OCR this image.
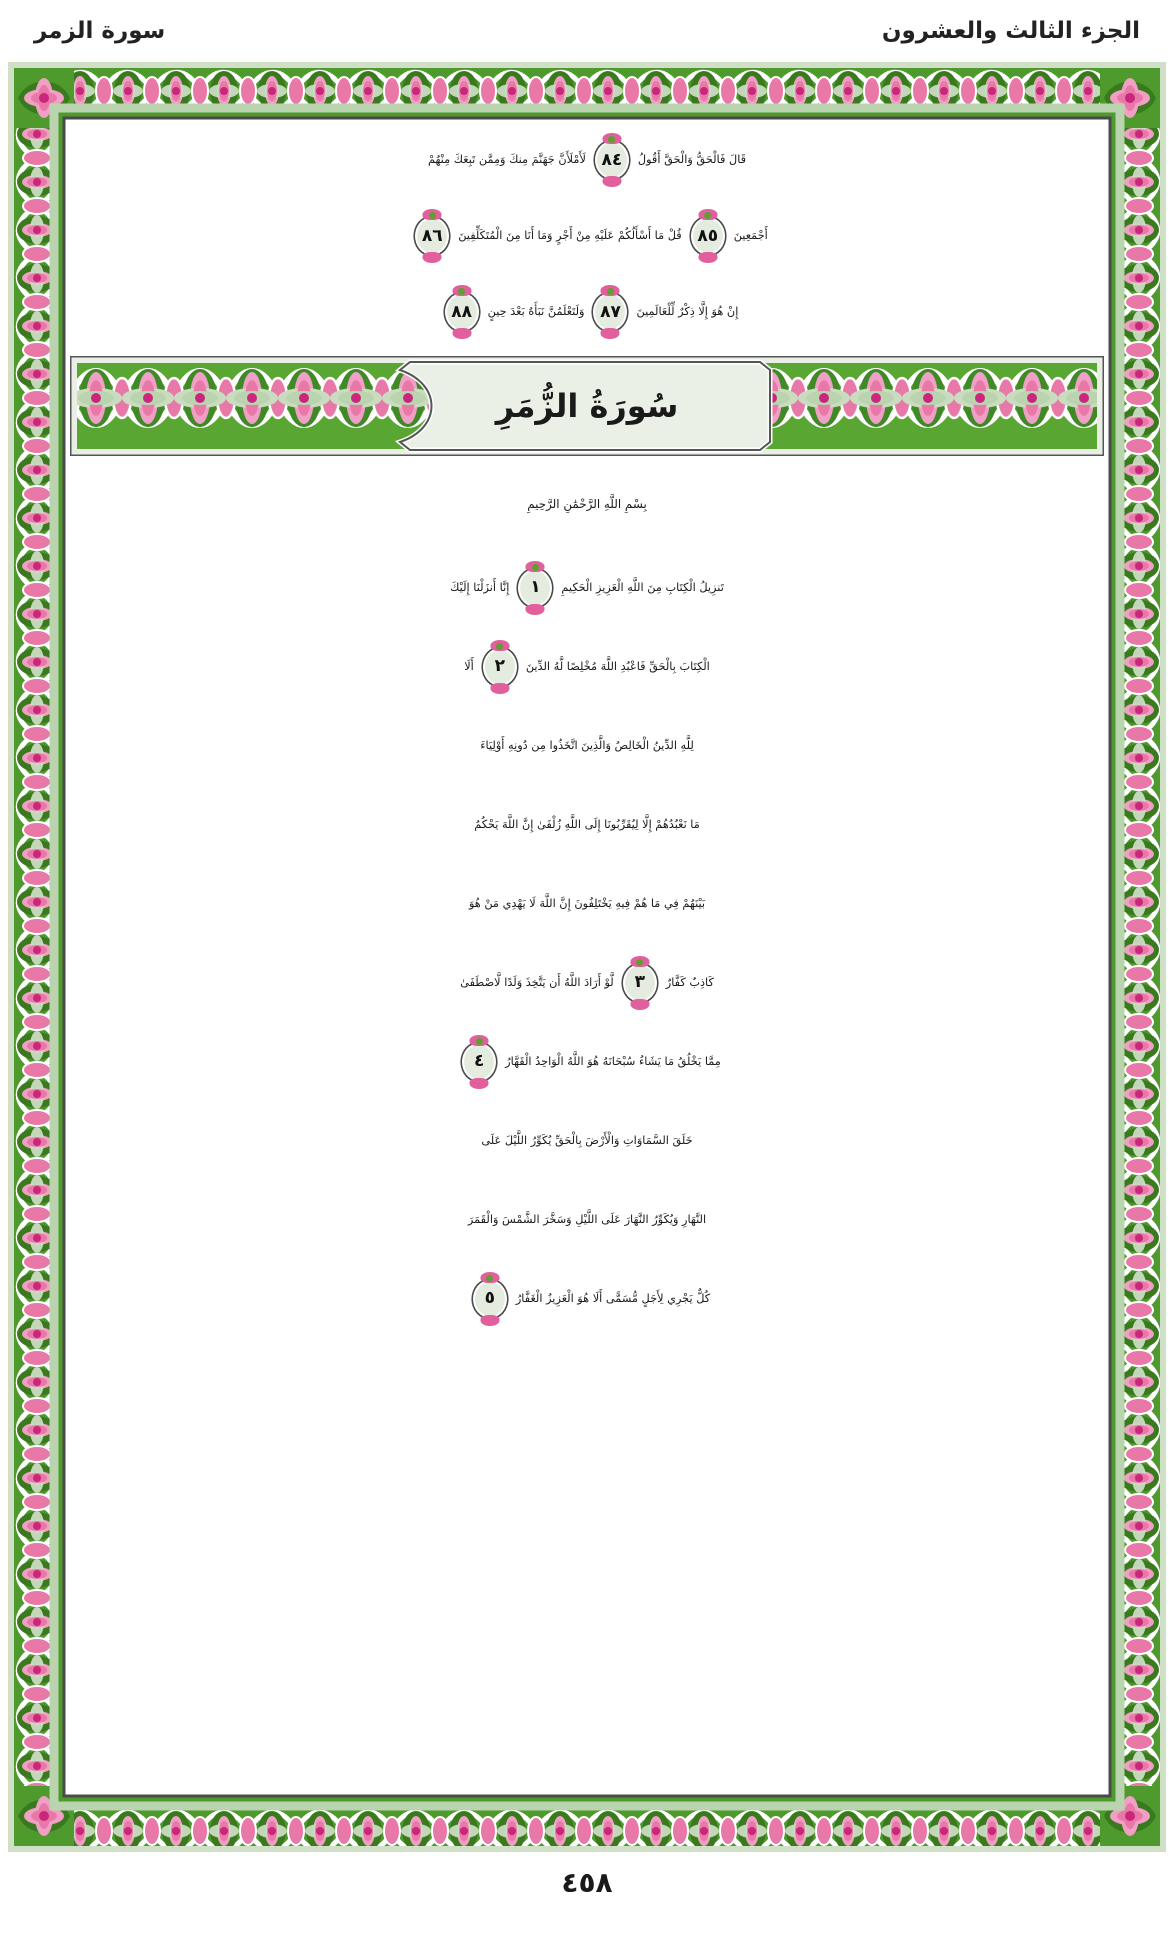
الجزء الثالث والعشرون
سورة الزمر
قَالَ فَالْحَقُّ وَالْحَقَّ أَقُولُ
٨٤
لَأَمْلَأَنَّ جَهَنَّمَ مِنكَ وَمِمَّن تَبِعَكَ مِنْهُمْ
أَجْمَعِينَ
٨٥
قُلْ مَا أَسْأَلُكُمْ عَلَيْهِ مِنْ أَجْرٍ وَمَا أَنَا مِنَ الْمُتَكَلِّفِينَ
٨٦
إِنْ هُوَ إِلَّا ذِكْرٌ لِّلْعَالَمِينَ
٨٧
وَلَتَعْلَمُنَّ نَبَأَهُ بَعْدَ حِينٍ
٨٨
سُورَةُ الزُّمَرِ
بِسْمِ اللَّهِ الرَّحْمَٰنِ الرَّحِيمِ
تَنزِيلُ الْكِتَابِ مِنَ اللَّهِ الْعَزِيزِ الْحَكِيمِ
١
إِنَّا أَنزَلْنَا إِلَيْكَ
الْكِتَابَ بِالْحَقِّ فَاعْبُدِ اللَّهَ مُخْلِصًا لَّهُ الدِّينَ
٢
أَلَا
لِلَّهِ الدِّينُ الْخَالِصُ وَالَّذِينَ اتَّخَذُوا مِن دُونِهِ أَوْلِيَاءَ
مَا نَعْبُدُهُمْ إِلَّا لِيُقَرِّبُونَا إِلَى اللَّهِ زُلْفَىٰ إِنَّ اللَّهَ يَحْكُمُ
بَيْنَهُمْ فِي مَا هُمْ فِيهِ يَخْتَلِفُونَ إِنَّ اللَّهَ لَا يَهْدِي مَنْ هُوَ
كَاذِبٌ كَفَّارٌ
٣
لَّوْ أَرَادَ اللَّهُ أَن يَتَّخِذَ وَلَدًا لَّاصْطَفَىٰ
مِمَّا يَخْلُقُ مَا يَشَاءُ سُبْحَانَهُ هُوَ اللَّهُ الْوَاحِدُ الْقَهَّارُ
٤
خَلَقَ السَّمَاوَاتِ وَالْأَرْضَ بِالْحَقِّ يُكَوِّرُ اللَّيْلَ عَلَى
النَّهَارِ وَيُكَوِّرُ النَّهَارَ عَلَى اللَّيْلِ وَسَخَّرَ الشَّمْسَ وَالْقَمَرَ
كُلٌّ يَجْرِي لِأَجَلٍ مُّسَمًّى أَلَا هُوَ الْعَزِيزُ الْغَفَّارُ
٥
٤٥٨
